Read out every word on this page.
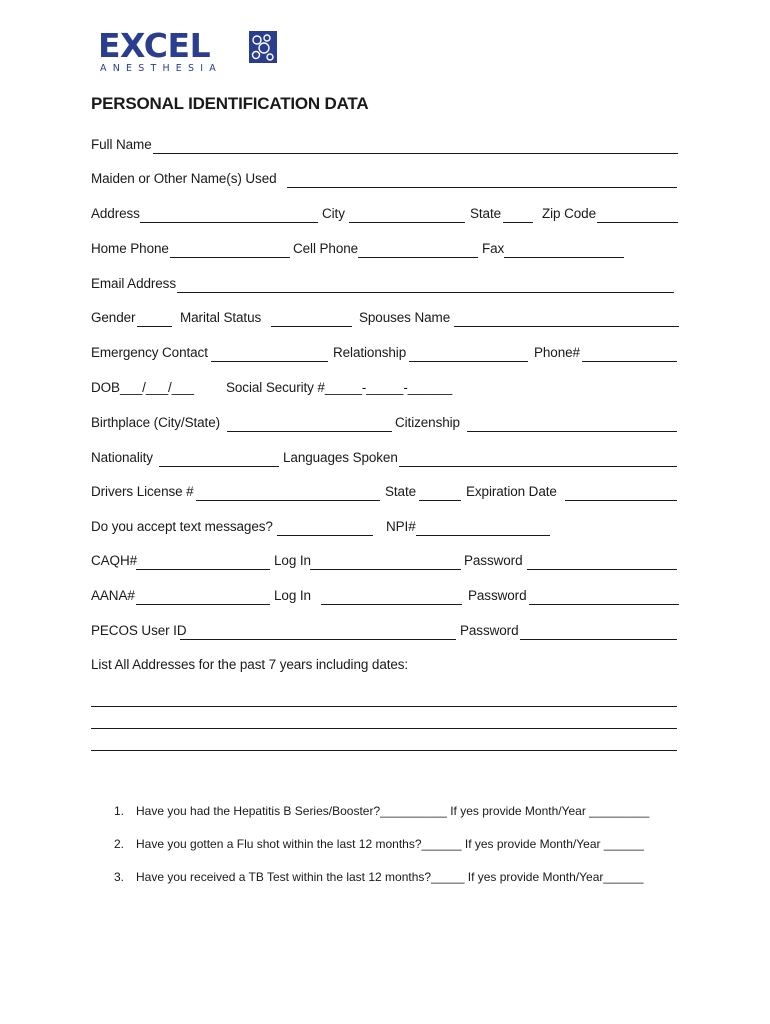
EXCEL
ANESTHESIA
PERSONAL IDENTIFICATION DATA
Full Name
Maiden or Other Name(s) Used
Address	City	State	Zip Code
Home Phone	Cell Phone	Fax
Email Address
Gender	Marital Status	Spouses Name
Emergency Contact	Relationship	Phone#
DOB___/___/___ Social Security #_____-_____-______
Birthplace (City/State)	Citizenship
Nationality	Languages Spoken
Drivers License #	State	Expiration Date
Do you accept text messages?	NPI#
CAQH#	Log In	Password
AANA#	Log In	Password
PECOS User ID	Password
List All Addresses for the past 7 years including dates:
1. Have you had the Hepatitis B Series/Booster?__________ If yes provide Month/Year _________
2. Have you gotten a Flu shot within the last 12 months?______ If yes provide Month/Year ______
3. Have you received a TB Test within the last 12 months?_____ If yes provide Month/Year______
